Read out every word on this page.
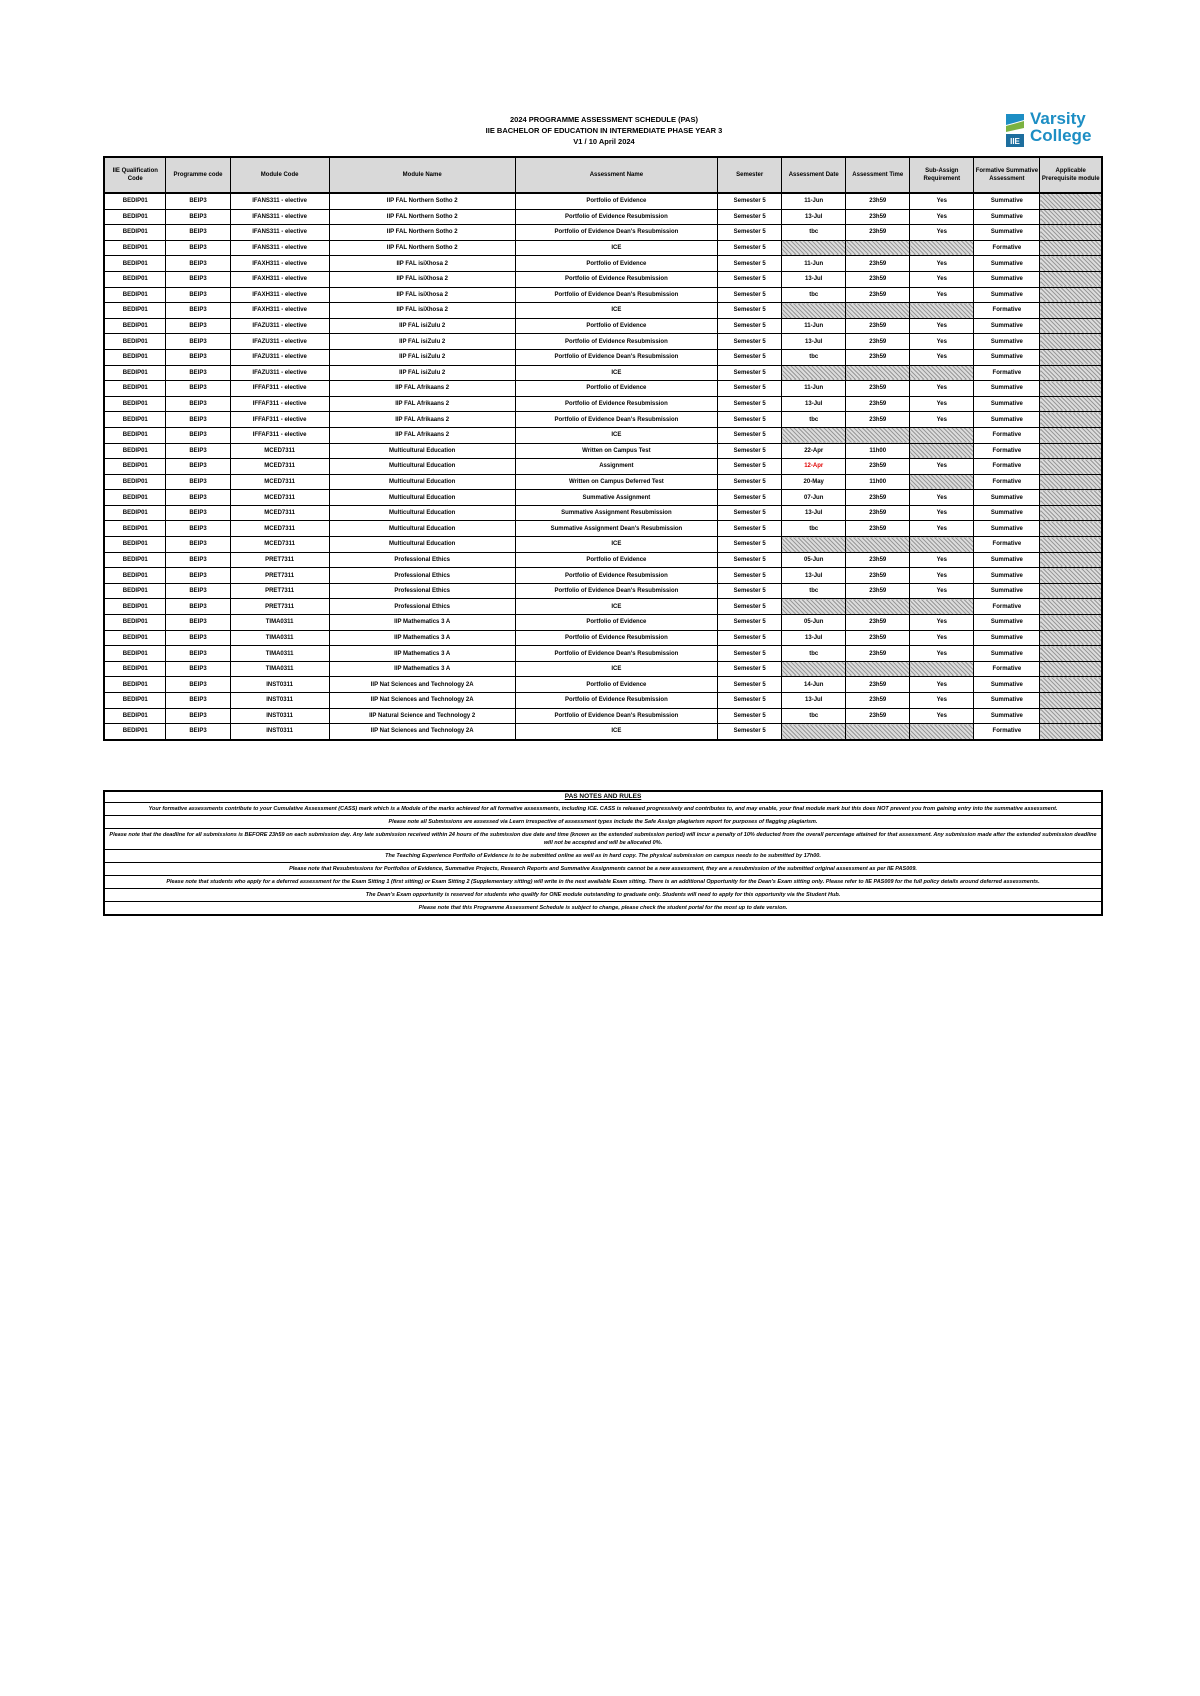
2024 PROGRAMME ASSESSMENT SCHEDULE (PAS)
IIE BACHELOR OF EDUCATION IN INTERMEDIATE PHASE YEAR 3
V1 / 10 April 2024	IIE
Varsity
College
IIE Qualification Code	Programme code	Module Code	Module Name	Assessment Name	Semester	Assessment Date	Assessment Time	Sub-Assign Requirement	Formative Summative Assessment	Applicable Prerequisite module
BEDIP01	BEIP3	IFANS311 - elective	IIP FAL Northern Sotho 2	Portfolio of Evidence	Semester 5	11-Jun	23h59	Yes	Summative	
BEDIP01	BEIP3	IFANS311 - elective	IIP FAL Northern Sotho 2	Portfolio of Evidence Resubmission	Semester 5	13-Jul	23h59	Yes	Summative	
BEDIP01	BEIP3	IFANS311 - elective	IIP FAL Northern Sotho 2	Portfolio of Evidence Dean's Resubmission	Semester 5	tbc	23h59	Yes	Summative	
BEDIP01	BEIP3	IFANS311 - elective	IIP FAL Northern Sotho 2	ICE	Semester 5				Formative	
BEDIP01	BEIP3	IFAXH311 - elective	IIP FAL isiXhosa 2	Portfolio of Evidence	Semester 5	11-Jun	23h59	Yes	Summative	
BEDIP01	BEIP3	IFAXH311 - elective	IIP FAL isiXhosa 2	Portfolio of Evidence Resubmission	Semester 5	13-Jul	23h59	Yes	Summative	
BEDIP01	BEIP3	IFAXH311 - elective	IIP FAL isiXhosa 2	Portfolio of Evidence Dean's Resubmission	Semester 5	tbc	23h59	Yes	Summative	
BEDIP01	BEIP3	IFAXH311 - elective	IIP FAL isiXhosa 2	ICE	Semester 5				Formative	
BEDIP01	BEIP3	IFAZU311 - elective	IIP FAL isiZulu 2	Portfolio of Evidence	Semester 5	11-Jun	23h59	Yes	Summative	
BEDIP01	BEIP3	IFAZU311 - elective	IIP FAL isiZulu 2	Portfolio of Evidence Resubmission	Semester 5	13-Jul	23h59	Yes	Summative	
BEDIP01	BEIP3	IFAZU311 - elective	IIP FAL isiZulu 2	Portfolio of Evidence Dean's Resubmission	Semester 5	tbc	23h59	Yes	Summative	
BEDIP01	BEIP3	IFAZU311 - elective	IIP FAL isiZulu 2	ICE	Semester 5				Formative	
BEDIP01	BEIP3	IFFAF311 - elective	IIP FAL Afrikaans 2	Portfolio of Evidence	Semester 5	11-Jun	23h59	Yes	Summative	
BEDIP01	BEIP3	IFFAF311 - elective	IIP FAL Afrikaans 2	Portfolio of Evidence Resubmission	Semester 5	13-Jul	23h59	Yes	Summative	
BEDIP01	BEIP3	IFFAF311 - elective	IIP FAL Afrikaans 2	Portfolio of Evidence Dean's Resubmission	Semester 5	tbc	23h59	Yes	Summative	
BEDIP01	BEIP3	IFFAF311 - elective	IIP FAL Afrikaans 2	ICE	Semester 5				Formative	
BEDIP01	BEIP3	MCED7311	Multicultural Education	Written on Campus Test	Semester 5	22-Apr	11h00		Formative	
BEDIP01	BEIP3	MCED7311	Multicultural Education	Assignment	Semester 5	12-Apr	23h59	Yes	Formative	
BEDIP01	BEIP3	MCED7311	Multicultural Education	Written on Campus Deferred Test	Semester 5	20-May	11h00		Formative	
BEDIP01	BEIP3	MCED7311	Multicultural Education	Summative Assignment	Semester 5	07-Jun	23h59	Yes	Summative	
BEDIP01	BEIP3	MCED7311	Multicultural Education	Summative Assignment Resubmission	Semester 5	13-Jul	23h59	Yes	Summative	
BEDIP01	BEIP3	MCED7311	Multicultural Education	Summative Assignment Dean's Resubmission	Semester 5	tbc	23h59	Yes	Summative	
BEDIP01	BEIP3	MCED7311	Multicultural Education	ICE	Semester 5				Formative	
BEDIP01	BEIP3	PRET7311	Professional Ethics	Portfolio of Evidence	Semester 5	05-Jun	23h59	Yes	Summative	
BEDIP01	BEIP3	PRET7311	Professional Ethics	Portfolio of Evidence Resubmission	Semester 5	13-Jul	23h59	Yes	Summative	
BEDIP01	BEIP3	PRET7311	Professional Ethics	Portfolio of Evidence Dean's Resubmission	Semester 5	tbc	23h59	Yes	Summative	
BEDIP01	BEIP3	PRET7311	Professional Ethics	ICE	Semester 5				Formative	
BEDIP01	BEIP3	TIMA0311	IIP Mathematics 3 A	Portfolio of Evidence	Semester 5	05-Jun	23h59	Yes	Summative	
BEDIP01	BEIP3	TIMA0311	IIP Mathematics 3 A	Portfolio of Evidence Resubmission	Semester 5	13-Jul	23h59	Yes	Summative	
BEDIP01	BEIP3	TIMA0311	IIP Mathematics 3 A	Portfolio of Evidence Dean's Resubmission	Semester 5	tbc	23h59	Yes	Summative	
BEDIP01	BEIP3	TIMA0311	IIP Mathematics 3 A	ICE	Semester 5				Formative	
BEDIP01	BEIP3	INST0311	IIP Nat Sciences and Technology 2A	Portfolio of Evidence	Semester 5	14-Jun	23h59	Yes	Summative	
BEDIP01	BEIP3	INST0311	IIP Nat Sciences and Technology 2A	Portfolio of Evidence Resubmission	Semester 5	13-Jul	23h59	Yes	Summative	
BEDIP01	BEIP3	INST0311	IIP Natural Science and Technology 2	Portfolio of Evidence Dean's Resubmission	Semester 5	tbc	23h59	Yes	Summative	
BEDIP01	BEIP3	INST0311	IIP Nat Sciences and Technology 2A	ICE	Semester 5				Formative	
PAS NOTES AND RULES
Your formative assessments contribute to your Cumulative Assessment (CASS) mark which is a Module of the marks achieved for all formative assessments, including ICE. CASS is released progressively and contributes to, and may enable, your final module mark but this does NOT prevent you from gaining entry into the summative assessment.
Please note all Submissions are assessed via Learn irrespective of assessment types include the Safe Assign plagiarism report for purposes of flagging plagiarism.
Please note that the deadline for all submissions is BEFORE 23h59 on each submission day. Any late submission received within 24 hours of the submission due date and time (known as the extended submission period) will incur a penalty of 10% deducted from the overall percentage attained for that assessment. Any submission made after the extended submission deadline will not be accepted and will be allocated 0%.
The Teaching Experience Portfolio of Evidence is to be submitted online as well as in hard copy. The physical submission on campus needs to be submitted by 17h00.
Please note that Resubmissions for Portfolios of Evidence, Summative Projects, Research Reports and Summative Assignments cannot be a new assessment, they are a resubmission of the submitted original assessment as per IIE PAS009.
Please note that students who apply for a deferred assessment for the Exam Sitting 1 (first sitting) or Exam Sitting 2 (Supplementary sitting) will write in the next available Exam sitting. There is an additional Opportunity for the Dean's Exam sitting only. Please refer to IIE PAS009 for the full policy details around deferred assessments.
The Dean's Exam opportunity is reserved for students who qualify for ONE module outstanding to graduate only. Students will need to apply for this opportunity via the Student Hub.
Please note that this Programme Assessment Schedule is subject to change, please check the student portal for the most up to date version.
